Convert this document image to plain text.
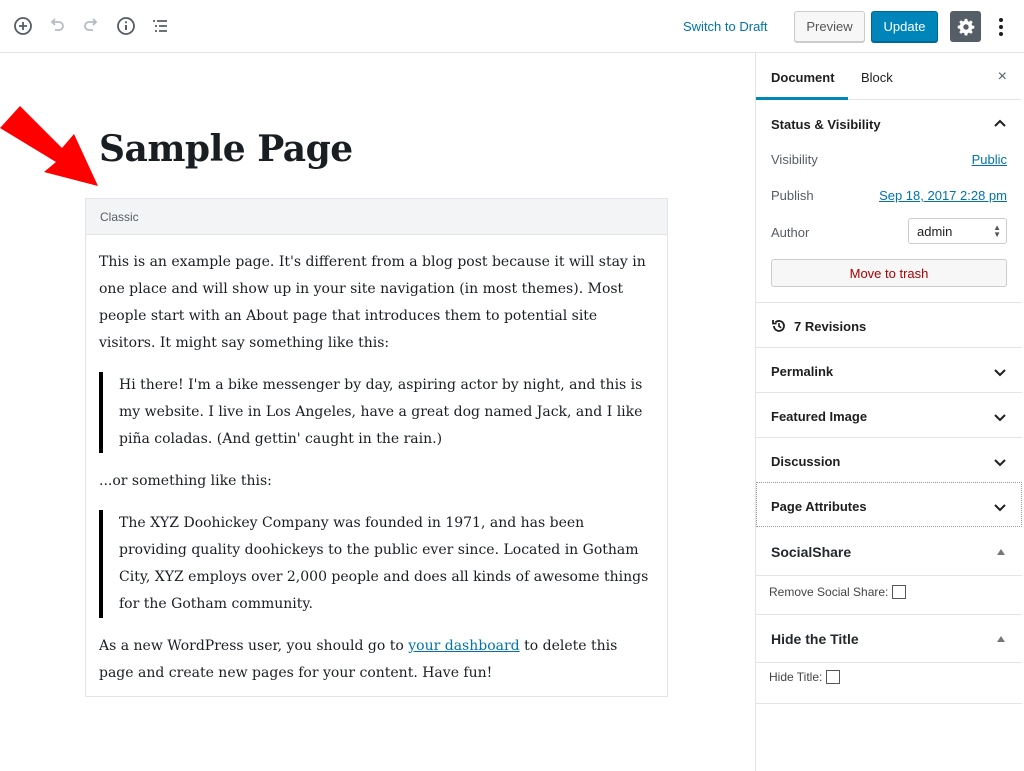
Switch to Draft	Preview	Update
Sample Page
Classic

This is an example page. It's different from a blog post because it will stay in one place and will show up in your site navigation (in most themes). Most people start with an About page that introduces them to potential site visitors. It might say something like this:

Hi there! I'm a bike messenger by day, aspiring actor by night, and this is my website. I live in Los Angeles, have a great dog named Jack, and I like piña coladas. (And gettin' caught in the rain.)

...or something like this:

The XYZ Doohickey Company was founded in 1971, and has been providing quality doohickeys to the public ever since. Located in Gotham City, XYZ employs over 2,000 people and does all kinds of awesome things for the Gotham community.

As a new WordPress user, you should go to your dashboard to delete this page and create new pages for your content. Have fun!

Document Block	×
Status & Visibility
Visibility	Public
Publish	Sep 18, 2017 2:28 pm
Author	admin	▲
▼
Move to trash
7 Revisions
Permalink
Featured Image
Discussion
Page Attributes
SocialShare
Remove Social Share:
Hide the Title
Hide Title:
